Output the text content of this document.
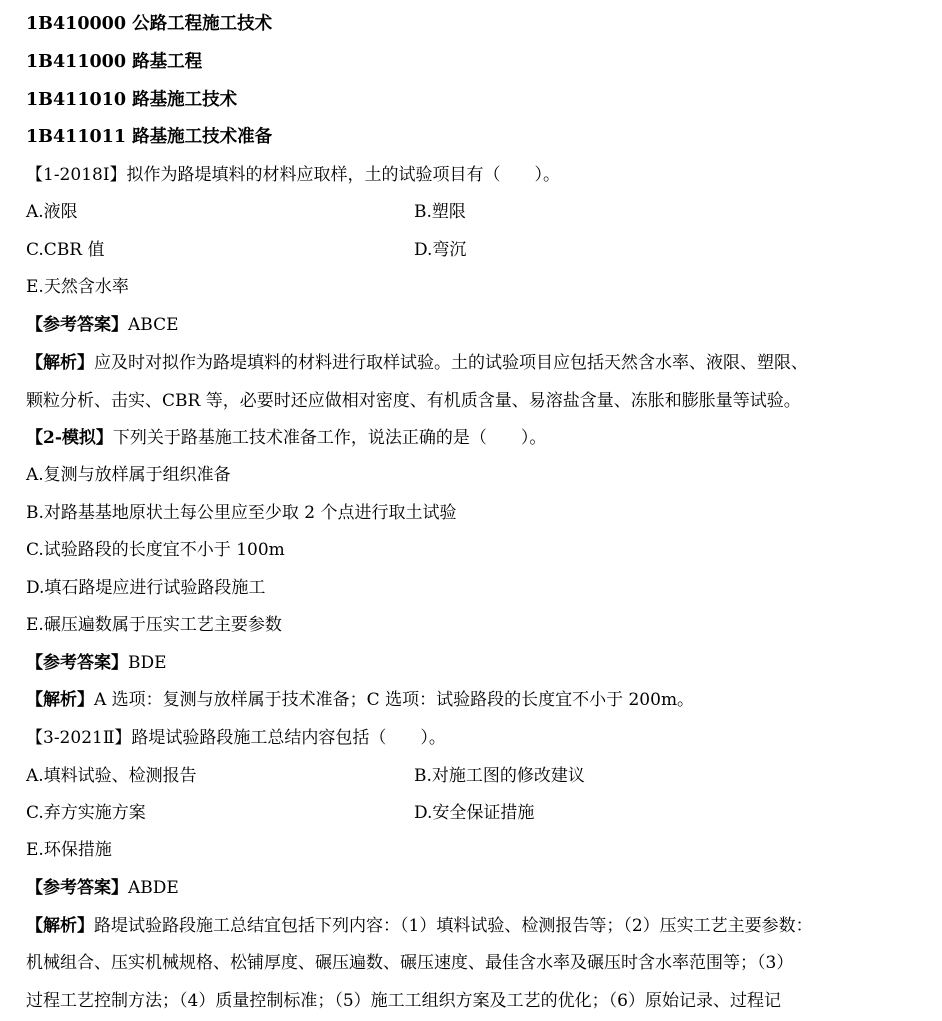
1B410000 公路工程施工技术
1B411000 路基工程
1B411010 路基施工技术
1B411011 路基施工技术准备
【1-2018Ⅰ】拟作为路堤填料的材料应取样，土的试验项目有（　　）。
A.液限	B.塑限
C.CBR 值	D.弯沉
E.天然含水率
【参考答案】ABCE
【解析】应及时对拟作为路堤填料的材料进行取样试验。土的试验项目应包括天然含水率、液限、塑限、
颗粒分析、击实、CBR 等，必要时还应做相对密度、有机质含量、易溶盐含量、冻胀和膨胀量等试验。
【2-模拟】下列关于路基施工技术准备工作，说法正确的是（　　）。
A.复测与放样属于组织准备
B.对路基基地原状土每公里应至少取 2 个点进行取土试验
C.试验路段的长度宜不小于 100m
D.填石路堤应进行试验路段施工
E.碾压遍数属于压实工艺主要参数
【参考答案】BDE
【解析】A 选项：复测与放样属于技术准备；C 选项：试验路段的长度宜不小于 200m。
【3-2021Ⅱ】路堤试验路段施工总结内容包括（　　）。
A.填料试验、检测报告	B.对施工图的修改建议
C.弃方实施方案	D.安全保证措施
E.环保措施
【参考答案】ABDE
【解析】路堤试验路段施工总结宜包括下列内容：（1）填料试验、检测报告等；（2）压实工艺主要参数：
机械组合、压实机械规格、松铺厚度、碾压遍数、碾压速度、最佳含水率及碾压时含水率范围等；（3）
过程工艺控制方法；（4）质量控制标准；（5）施工工组织方案及工艺的优化；（6）原始记录、过程记
